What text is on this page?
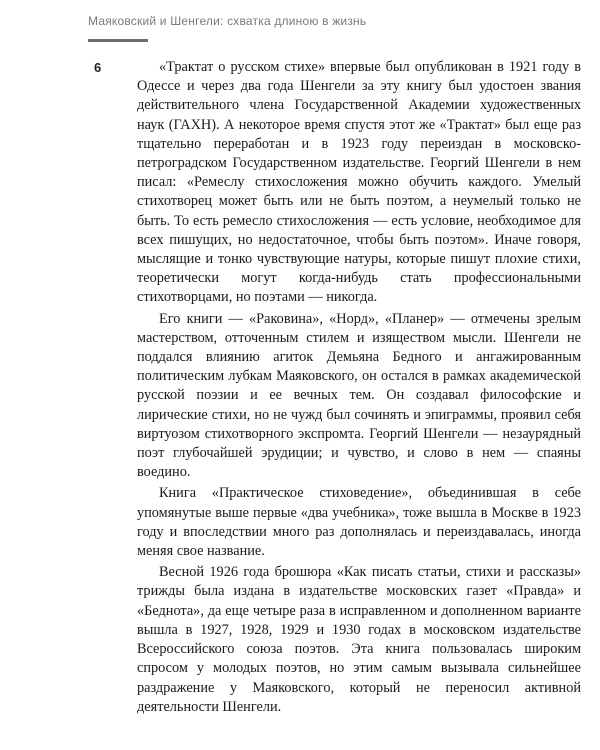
Маяковский и Шенгели: схватка длиною в жизнь
6	«Трактат о русском стихе» впервые был опубликован в 1921 году в Одессе и через два года Шенгели за эту книгу был удостоен звания действительного члена Государственной Академии художественных наук (ГАХН). А некоторое время спустя этот же «Трактат» был еще раз тщательно переработан и в 1923 году переиздан в московско-петроградском Государственном издательстве. Георгий Шенгели в нем писал: «Ремеслу стихосложения можно обучить каждого. Умелый стихотворец может быть или не быть поэтом, а неумелый только не быть. То есть ремесло стихосложения — есть условие, необходимое для всех пишущих, но недостаточное, чтобы быть поэтом». Иначе говоря, мыслящие и тонко чувствующие натуры, которые пишут плохие стихи, теоретически могут когда-нибудь стать профессиональными стихотворцами, но поэтами — никогда.

Его книги — «Раковина», «Норд», «Планер» — отмечены зрелым мастерством, отточенным стилем и изяществом мысли. Шенгели не поддался влиянию агиток Демьяна Бедного и ангажированным политическим лубкам Маяковского, он остался в рамках академической русской поэзии и ее вечных тем. Он создавал философские и лирические стихи, но не чужд был сочинять и эпиграммы, проявил себя виртуозом стихотворного экспромта. Георгий Шенгели — незаурядный поэт глубочайшей эрудиции; и чувство, и слово в нем — спаяны воедино.

Книга «Практическое стиховедение», объединившая в себе упомянутые выше первые «два учебника», тоже вышла в Москве в 1923 году и впоследствии много раз дополнялась и переиздавалась, иногда меняя свое название.

Весной 1926 года брошюра «Как писать статьи, стихи и рассказы» трижды была издана в издательстве московских газет «Правда» и «Беднота», да еще четыре раза в исправленном и дополненном варианте вышла в 1927, 1928, 1929 и 1930 годах в московском издательстве Всероссийского союза поэтов. Эта книга пользовалась широким спросом у молодых поэтов, но этим самым вызывала сильнейшее раздражение у Маяковского, который не переносил активной деятельности Шенгели.
